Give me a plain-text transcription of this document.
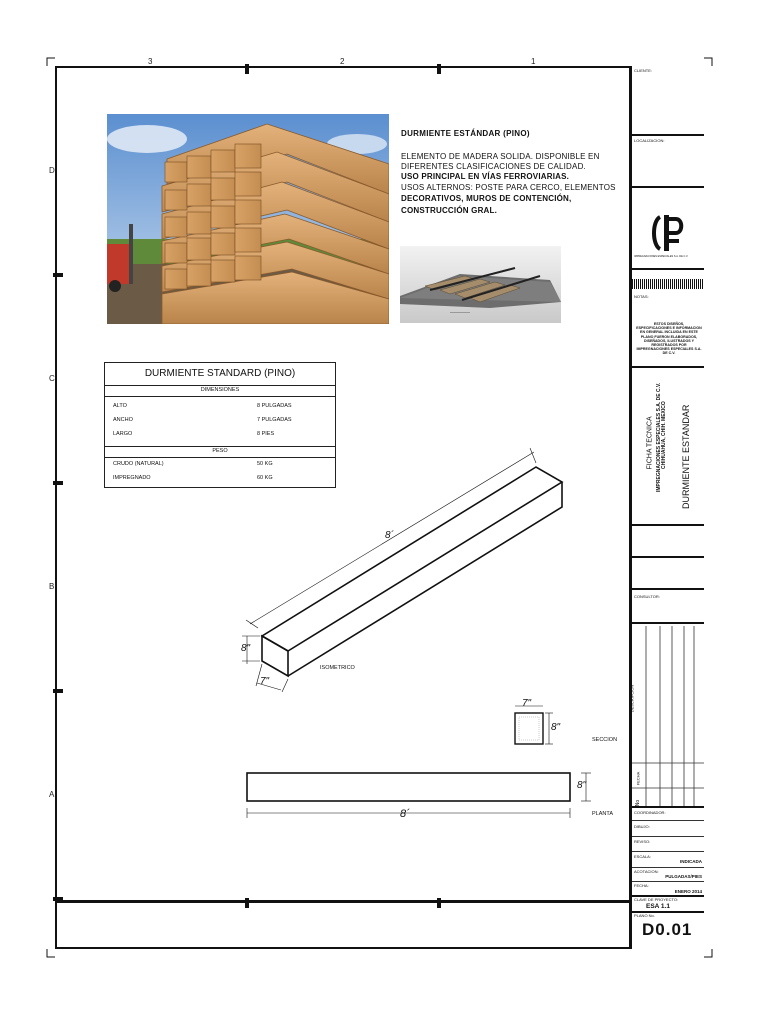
3	2	1
D
C
B
A
DURMIENTE ESTÁNDAR (PINO)
ELEMENTO DE MADERA SOLIDA. DISPONIBLE EN
DIFERENTES CLASIFICACIONES DE CALIDAD.
USO PRINCIPAL EN VÍAS FERROVIARIAS.
USOS ALTERNOS: POSTE PARA CERCO, ELEMENTOS
DECORATIVOS, MUROS DE CONTENCIÓN,
CONSTRUCCIÓN GRAL.
DURMIENTE STANDARD (PINO)
DIMENSIONES
ALTO	8 PULGADAS
ANCHO	7 PULGADAS
LARGO	8 PIES
PESO
CRUDO (NATURAL)	50 KG
IMPREGNADO	60 KG
8´
8"
7"
ISOMETRICO
7"
8"
SECCION
8´
8"
PLANTA
CLIENTE:
LOCALIZACION:
IMPREGNACIONES ESPECIALES S.A. DE C.V.
NOTAS:
ESTOS DISEÑOS, ESPECIFICACIONES E INFORMACION EN GENERAL INCLUIDA EN ESTE PLANO FUERON ELABORADOS, DISEÑADOS, ILUSTRADOS Y REGISTRADOS POR IMPREGNACIONES ESPECIALES S.A. DE C.V.
FICHA TECNICA IMPREGNACIONES ESPECIALES S.A. DE C.V. CHIHUAHUA, CHIH. MEXICO DURMIENTE ESTANDAR
CONSULTOR:
DESCRIPCION
FECHA
No
COORDINADOR:
DIBUJO:
REVISO:
ESCALA:
INDICADA
ACOTACION:
PULGADAS/PIES
FECHA:
ENERO 2014
CLAVE DE PROYECTO:
ESA 1.1
PLANO No.
D0.01
